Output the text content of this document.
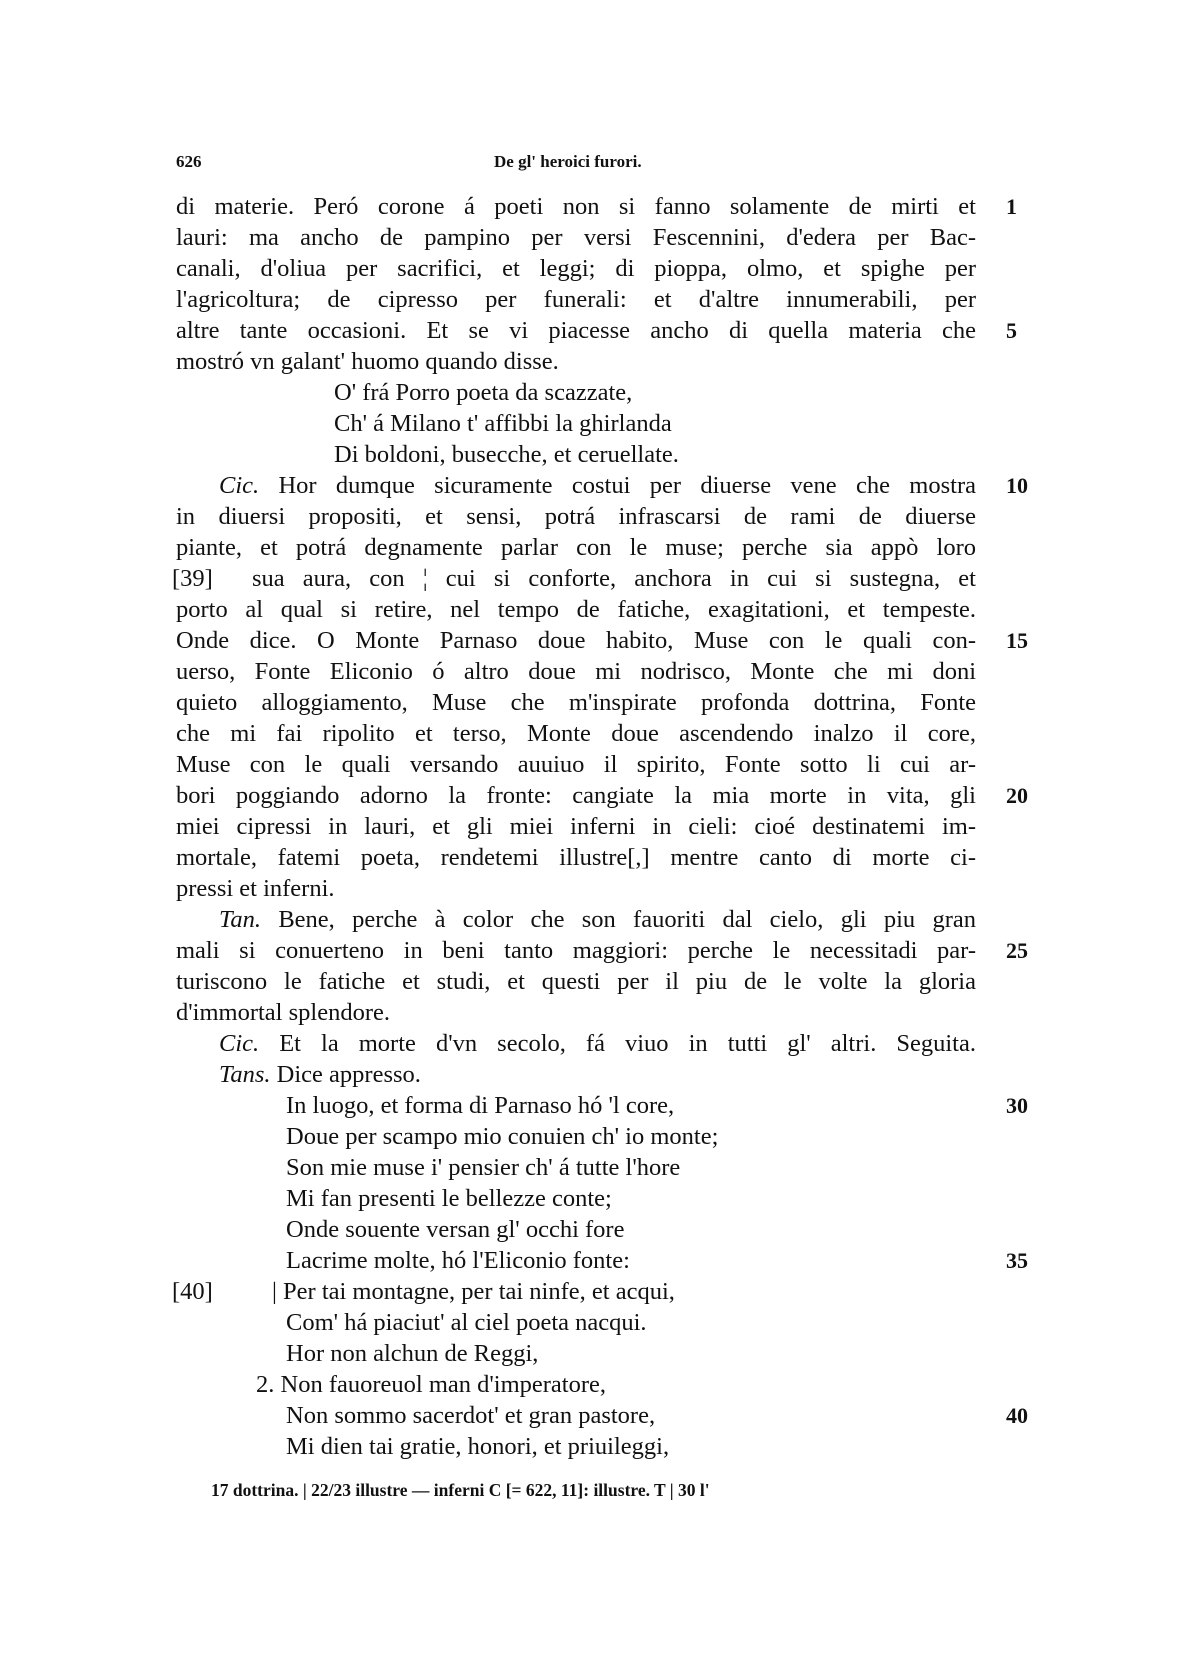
626	De gl' heroici furori.
di materie. Peró corone á poeti non si fanno solamente de mirti et 1
lauri: ma ancho de pampino per versi Fescennini, d'edera per Bac-
canali, d'oliua per sacrifici, et leggi; di pioppa, olmo, et spighe per
l'agricoltura; de cipresso per funerali: et d'altre innumerabili, per
altre tante occasioni. Et se vi piacesse ancho di quella materia che 5
mostró vn galant' huomo quando disse.
O' frá Porro poeta da scazzate,
Ch' á Milano t' affibbi la ghirlanda
Di boldoni, busecche, et ceruellate.
Cic. Hor dumque sicuramente costui per diuerse vene che mostra 10
in diuersi propositi, et sensi, potrá infrascarsi de rami de diuerse
piante, et potrá degnamente parlar con le muse; perche sia appò loro
[39] sua aura, con ¦ cui si conforte, anchora in cui si sustegna, et
porto al qual si retire, nel tempo de fatiche, exagitationi, et tempeste.
Onde dice. O Monte Parnaso doue habito, Muse con le quali con- 15
uerso, Fonte Eliconio ó altro doue mi nodrisco, Monte che mi doni
quieto alloggiamento, Muse che m'inspirate profonda dottrina, Fonte
che mi fai ripolito et terso, Monte doue ascendendo inalzo il core,
Muse con le quali versando auuiuo il spirito, Fonte sotto li cui ar-
bori poggiando adorno la fronte: cangiate la mia morte in vita, gli 20
miei cipressi in lauri, et gli miei inferni in cieli: cioé destinatemi im-
mortale, fatemi poeta, rendetemi illustre[,] mentre canto di morte ci-
pressi et inferni.
Tan. Bene, perche à color che son fauoriti dal cielo, gli piu gran
mali si conuerteno in beni tanto maggiori: perche le necessitadi par- 25
turiscono le fatiche et studi, et questi per il piu de le volte la gloria
d'immortal splendore.
Cic. Et la morte d'vn secolo, fá viuo in tutti gl' altri. Seguita.
Tans. Dice appresso.
In luogo, et forma di Parnaso hó 'l core,	30
Doue per scampo mio conuien ch' io monte;
Son mie muse i' pensier ch' á tutte l'hore
Mi fan presenti le bellezze conte;
Onde souente versan gl' occhi fore
Lacrime molte, hó l'Eliconio fonte:	35
[40] | Per tai montagne, per tai ninfe, et acqui,
Com' há piaciut' al ciel poeta nacqui.
Hor non alchun de Reggi,
2. Non fauoreuol man d'imperatore,
Non sommo sacerdot' et gran pastore,	40
Mi dien tai gratie, honori, et priuileggi,
17 dottrina. | 22/23 illustre — inferni C [= 622, 11]: illustre. T | 30 l'
